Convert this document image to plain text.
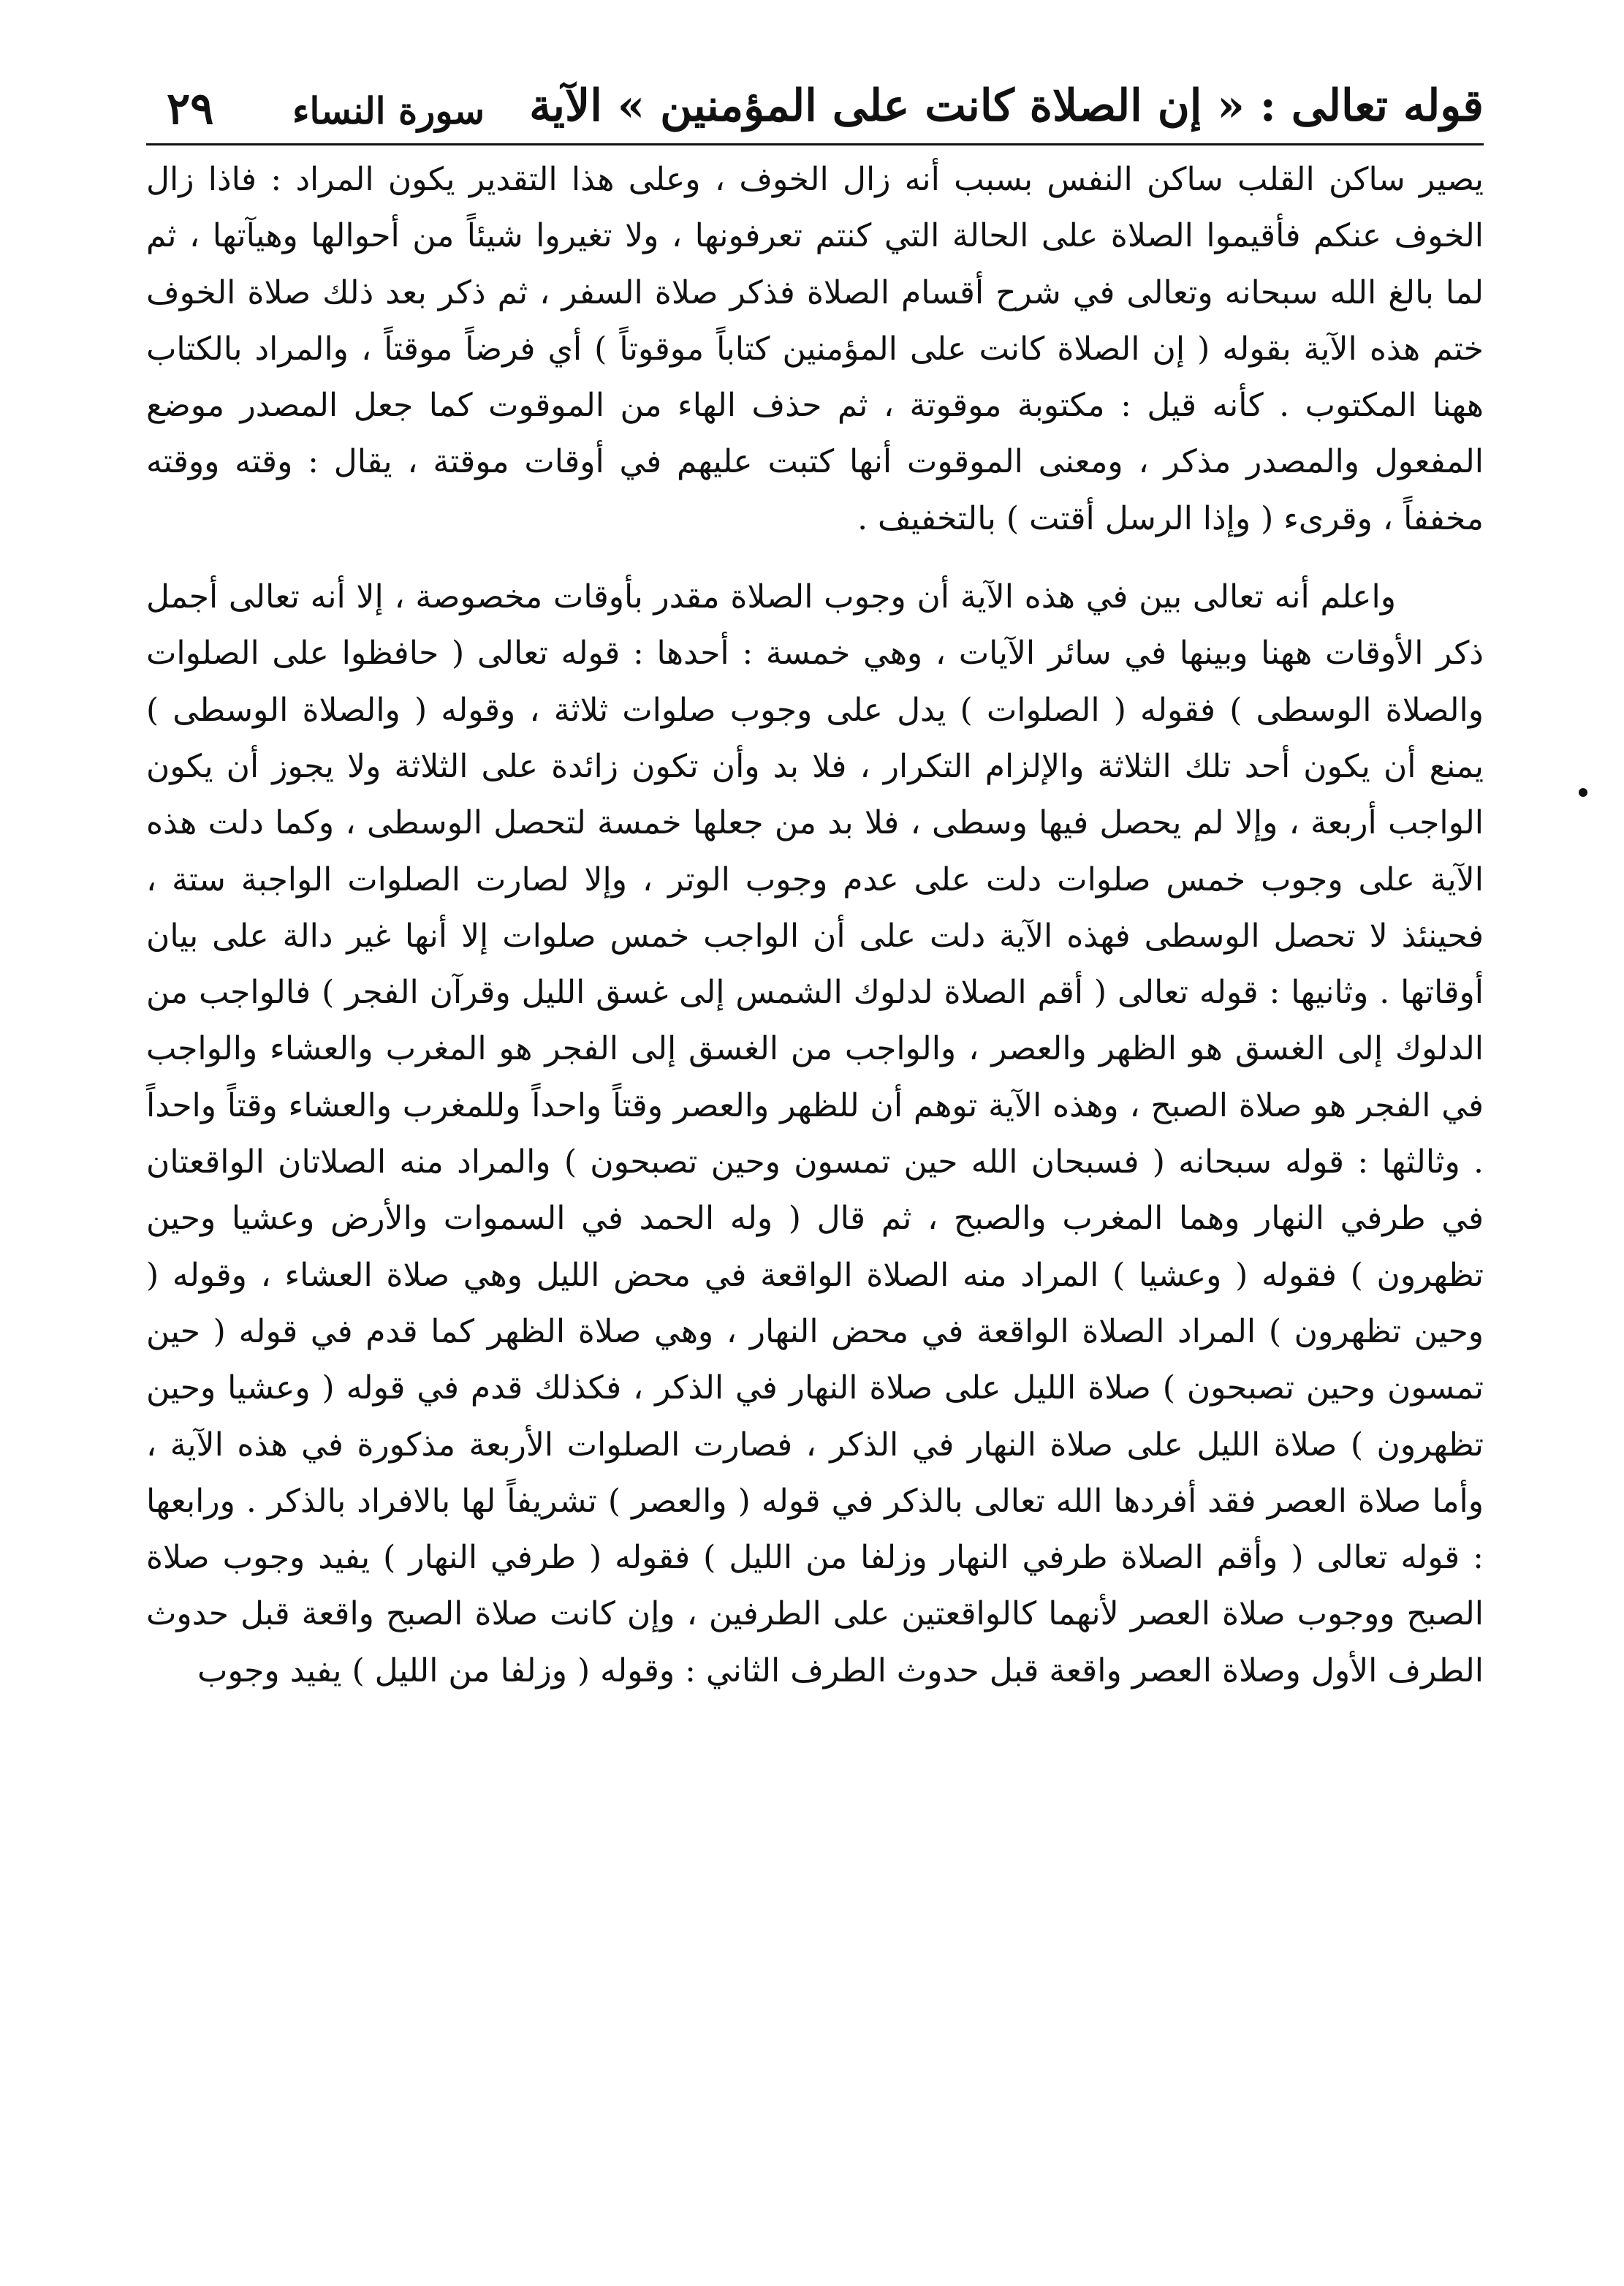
قوله تعالى : « إن الصلاة كانت على المؤمنين » الآية
سورة النساء
٢٩

يصير ساكن القلب ساكن النفس بسبب أنه زال الخوف ، وعلى هذا التقدير يكون المراد : فاذا زال الخوف عنكم فأقيموا الصلاة على الحالة التي كنتم تعرفونها ، ولا تغيروا شيئاً من أحوالها وهيآتها ، ثم لما بالغ الله سبحانه وتعالى في شرح أقسام الصلاة فذكر صلاة السفر ، ثم ذكر بعد ذلك صلاة الخوف ختم هذه الآية بقوله ( إن الصلاة كانت على المؤمنين كتاباً موقوتاً ) أي فرضاً موقتاً ، والمراد بالكتاب ههنا المكتوب . كأنه قيل : مكتوبة موقوتة ، ثم حذف الهاء من الموقوت كما جعل المصدر موضع المفعول والمصدر مذكر ، ومعنى الموقوت أنها كتبت عليهم في أوقات موقتة ، يقال : وقته ووقته مخففاً ، وقرىء ( وإذا الرسل أقتت ) بالتخفيف .

واعلم أنه تعالى بين في هذه الآية أن وجوب الصلاة مقدر بأوقات مخصوصة ، إلا أنه تعالى أجمل ذكر الأوقات ههنا وبينها في سائر الآيات ، وهي خمسة : أحدها : قوله تعالى ( حافظوا على الصلوات والصلاة الوسطى ) فقوله ( الصلوات ) يدل على وجوب صلوات ثلاثة ، وقوله ( والصلاة الوسطى ) يمنع أن يكون أحد تلك الثلاثة والإلزام التكرار ، فلا بد وأن تكون زائدة على الثلاثة ولا يجوز أن يكون الواجب أربعة ، وإلا لم يحصل فيها وسطى ، فلا بد من جعلها خمسة لتحصل الوسطى ، وكما دلت هذه الآية على وجوب خمس صلوات دلت على عدم وجوب الوتر ، وإلا لصارت الصلوات الواجبة ستة ، فحينئذ لا تحصل الوسطى فهذه الآية دلت على أن الواجب خمس صلوات إلا أنها غير دالة على بيان أوقاتها . وثانيها : قوله تعالى ( أقم الصلاة لدلوك الشمس إلى غسق الليل وقرآن الفجر ) فالواجب من الدلوك إلى الغسق هو الظهر والعصر ، والواجب من الغسق إلى الفجر هو المغرب والعشاء والواجب في الفجر هو صلاة الصبح ، وهذه الآية توهم أن للظهر والعصر وقتاً واحداً وللمغرب والعشاء وقتاً واحداً . وثالثها : قوله سبحانه ( فسبحان الله حين تمسون وحين تصبحون ) والمراد منه الصلاتان الواقعتان في طرفي النهار وهما المغرب والصبح ، ثم قال ( وله الحمد في السموات والأرض وعشيا وحين تظهرون ) فقوله ( وعشيا ) المراد منه الصلاة الواقعة في محض الليل وهي صلاة العشاء ، وقوله ( وحين تظهرون ) المراد الصلاة الواقعة في محض النهار ، وهي صلاة الظهر كما قدم في قوله ( حين تمسون وحين تصبحون ) صلاة الليل على صلاة النهار في الذكر ، فكذلك قدم في قوله ( وعشيا وحين تظهرون ) صلاة الليل على صلاة النهار في الذكر ، فصارت الصلوات الأربعة مذكورة في هذه الآية ، وأما صلاة العصر فقد أفردها الله تعالى بالذكر في قوله ( والعصر ) تشريفاً لها بالافراد بالذكر . ورابعها : قوله تعالى ( وأقم الصلاة طرفي النهار وزلفا من الليل ) فقوله ( طرفي النهار ) يفيد وجوب صلاة الصبح ووجوب صلاة العصر لأنهما كالواقعتين على الطرفين ، وإن كانت صلاة الصبح واقعة قبل حدوث الطرف الأول وصلاة العصر واقعة قبل حدوث الطرف الثاني : وقوله ( وزلفا من الليل ) يفيد وجوب
